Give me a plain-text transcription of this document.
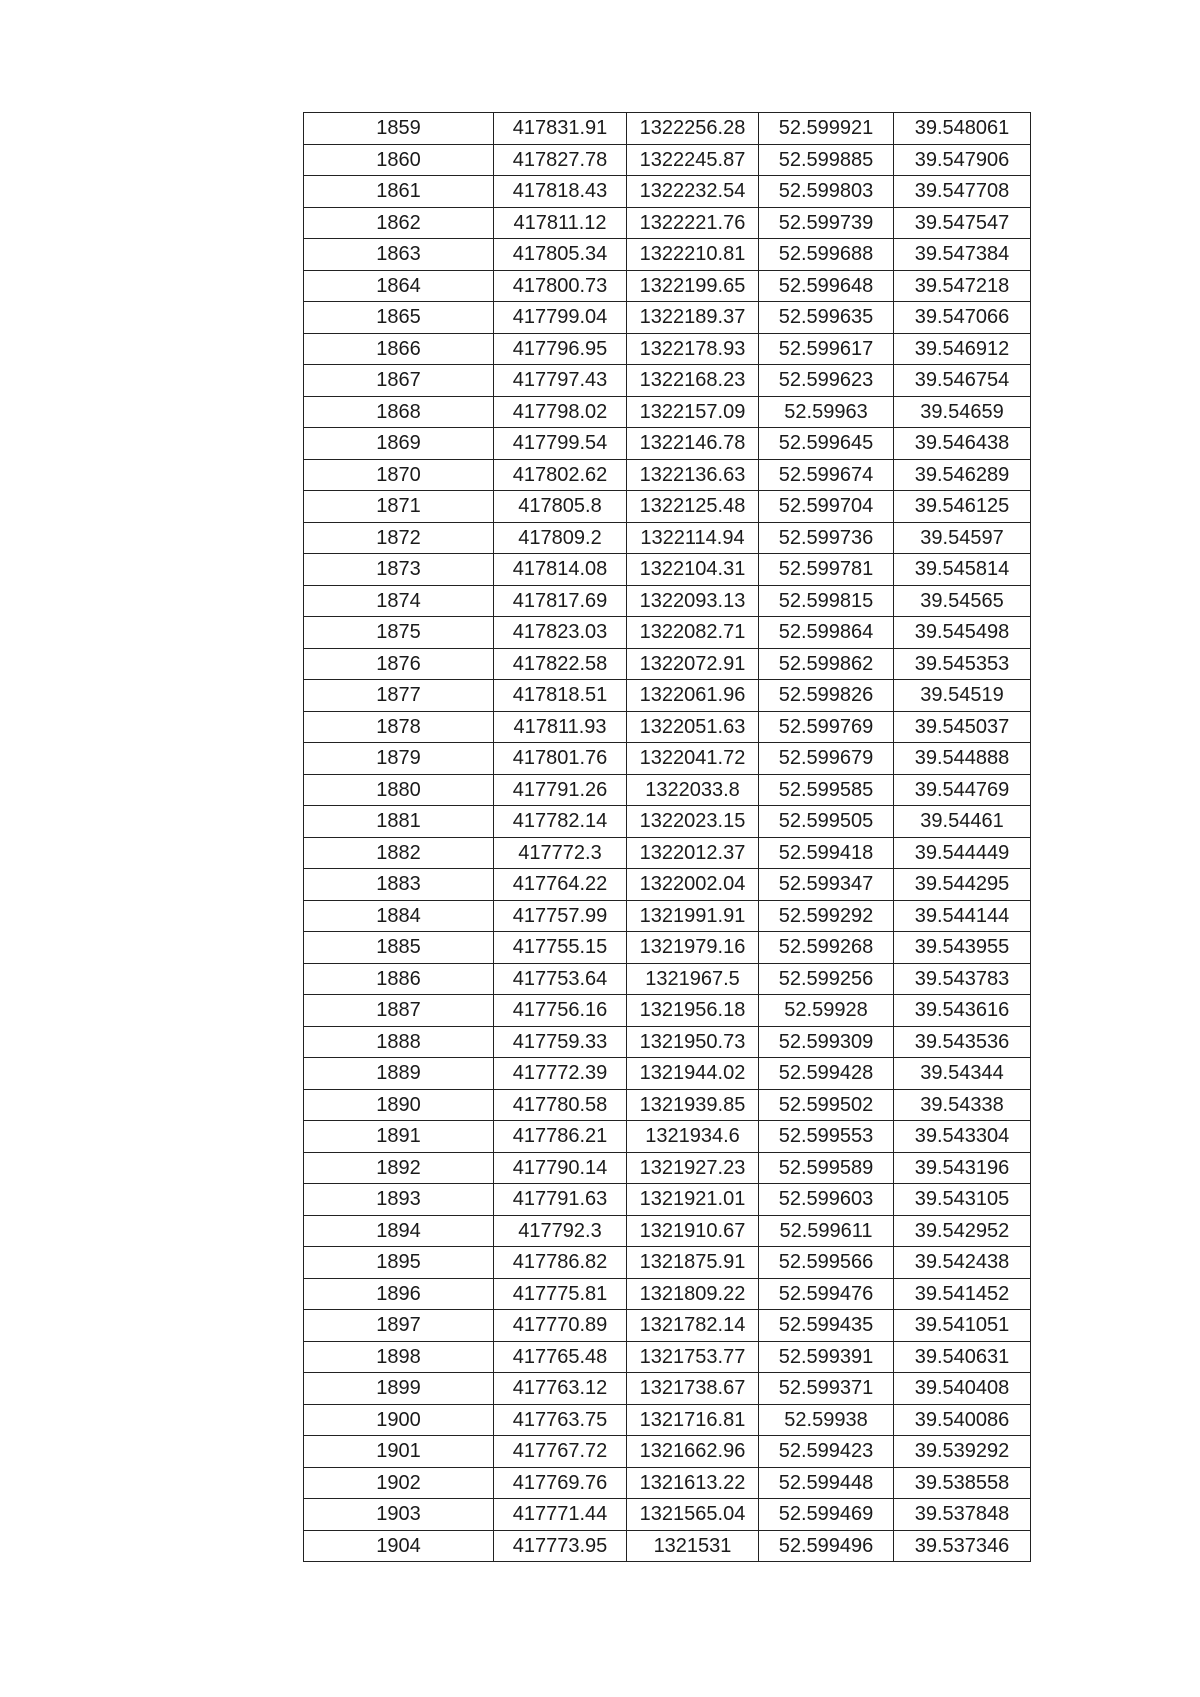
1859	417831.91	1322256.28	52.599921	39.548061
1860	417827.78	1322245.87	52.599885	39.547906
1861	417818.43	1322232.54	52.599803	39.547708
1862	417811.12	1322221.76	52.599739	39.547547
1863	417805.34	1322210.81	52.599688	39.547384
1864	417800.73	1322199.65	52.599648	39.547218
1865	417799.04	1322189.37	52.599635	39.547066
1866	417796.95	1322178.93	52.599617	39.546912
1867	417797.43	1322168.23	52.599623	39.546754
1868	417798.02	1322157.09	52.59963	39.54659
1869	417799.54	1322146.78	52.599645	39.546438
1870	417802.62	1322136.63	52.599674	39.546289
1871	417805.8	1322125.48	52.599704	39.546125
1872	417809.2	1322114.94	52.599736	39.54597
1873	417814.08	1322104.31	52.599781	39.545814
1874	417817.69	1322093.13	52.599815	39.54565
1875	417823.03	1322082.71	52.599864	39.545498
1876	417822.58	1322072.91	52.599862	39.545353
1877	417818.51	1322061.96	52.599826	39.54519
1878	417811.93	1322051.63	52.599769	39.545037
1879	417801.76	1322041.72	52.599679	39.544888
1880	417791.26	1322033.8	52.599585	39.544769
1881	417782.14	1322023.15	52.599505	39.54461
1882	417772.3	1322012.37	52.599418	39.544449
1883	417764.22	1322002.04	52.599347	39.544295
1884	417757.99	1321991.91	52.599292	39.544144
1885	417755.15	1321979.16	52.599268	39.543955
1886	417753.64	1321967.5	52.599256	39.543783
1887	417756.16	1321956.18	52.59928	39.543616
1888	417759.33	1321950.73	52.599309	39.543536
1889	417772.39	1321944.02	52.599428	39.54344
1890	417780.58	1321939.85	52.599502	39.54338
1891	417786.21	1321934.6	52.599553	39.543304
1892	417790.14	1321927.23	52.599589	39.543196
1893	417791.63	1321921.01	52.599603	39.543105
1894	417792.3	1321910.67	52.599611	39.542952
1895	417786.82	1321875.91	52.599566	39.542438
1896	417775.81	1321809.22	52.599476	39.541452
1897	417770.89	1321782.14	52.599435	39.541051
1898	417765.48	1321753.77	52.599391	39.540631
1899	417763.12	1321738.67	52.599371	39.540408
1900	417763.75	1321716.81	52.59938	39.540086
1901	417767.72	1321662.96	52.599423	39.539292
1902	417769.76	1321613.22	52.599448	39.538558
1903	417771.44	1321565.04	52.599469	39.537848
1904	417773.95	1321531	52.599496	39.537346
